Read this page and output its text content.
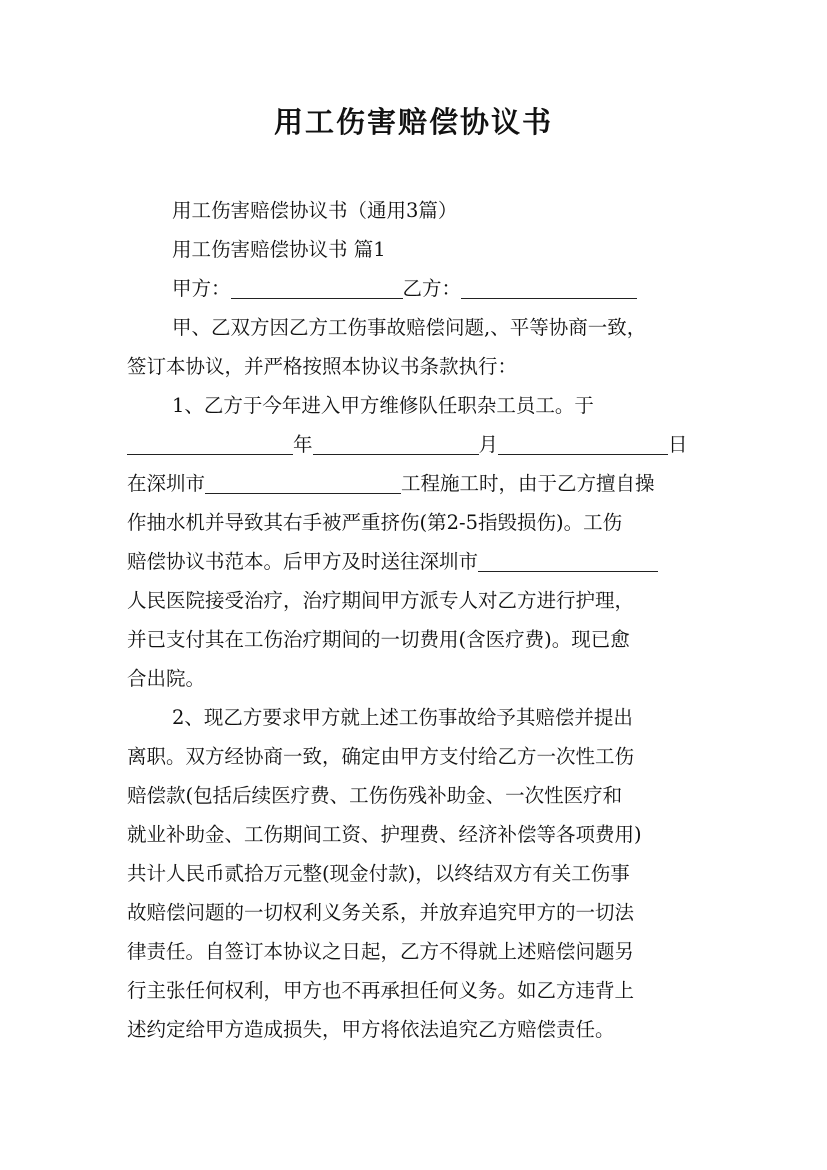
用工伤害赔偿协议书
用工伤害赔偿协议书（通用3篇）
用工伤害赔偿协议书 篇1
甲方：	乙方：
甲、乙双方因乙方工伤事故赔偿问题,、平等协商一致，
签订本协议，并严格按照本协议书条款执行：
1、乙方于今年进入甲方维修队任职杂工员工。于
年	月	日
在深圳市	工程施工时，由于乙方擅自操
作抽水机并导致其右手被严重挤伤(第2-5指毁损伤)。工伤
赔偿协议书范本。后甲方及时送往深圳市
人民医院接受治疗，治疗期间甲方派专人对乙方进行护理，
并已支付其在工伤治疗期间的一切费用(含医疗费)。现已愈
合出院。
2、现乙方要求甲方就上述工伤事故给予其赔偿并提出
离职。双方经协商一致，确定由甲方支付给乙方一次性工伤
赔偿款(包括后续医疗费、工伤伤残补助金、一次性医疗和
就业补助金、工伤期间工资、护理费、经济补偿等各项费用)
共计人民币贰拾万元整(现金付款)，以终结双方有关工伤事
故赔偿问题的一切权利义务关系，并放弃追究甲方的一切法
律责任。自签订本协议之日起，乙方不得就上述赔偿问题另
行主张任何权利，甲方也不再承担任何义务。如乙方违背上
述约定给甲方造成损失，甲方将依法追究乙方赔偿责任。
